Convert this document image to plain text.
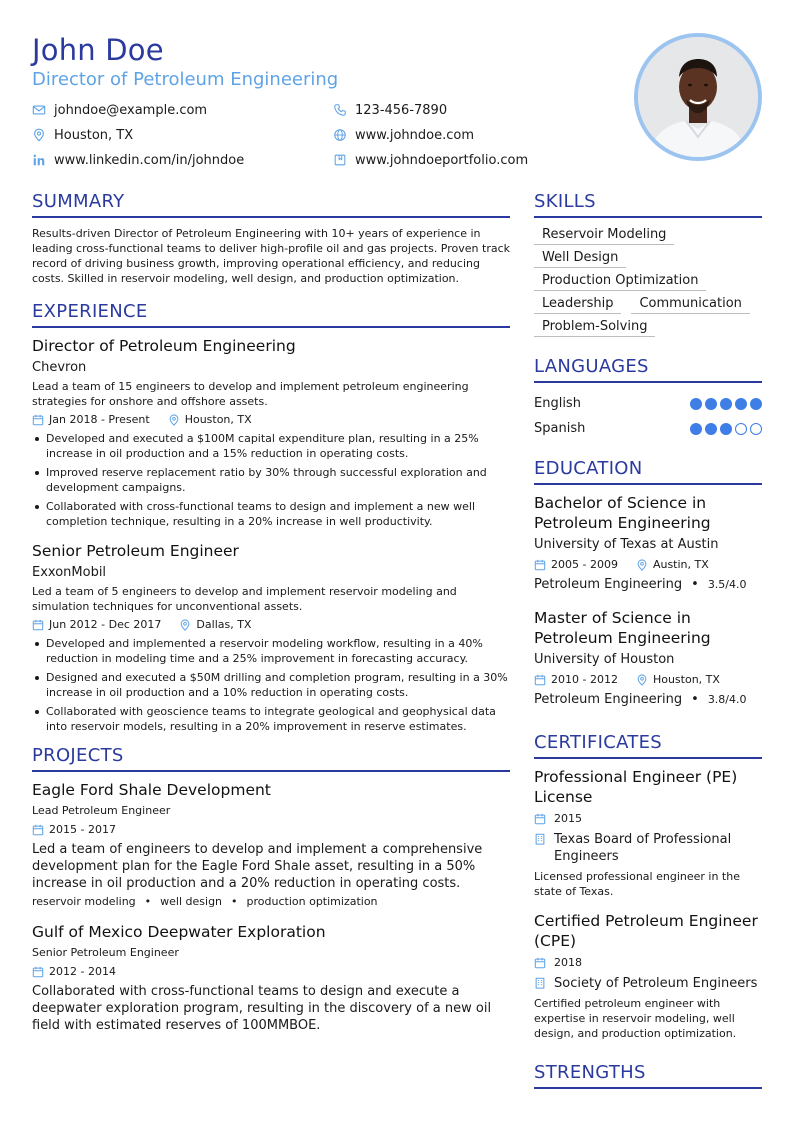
John Doe
Director of Petroleum Engineering
johndoe@example.com	123-456-7890
Houston, TX	www.johndoe.com
www.linkedin.com/in/johndoe	www.johndoeportfolio.com
SUMMARY
Results-driven Director of Petroleum Engineering with 10+ years of experience in leading cross-functional teams to deliver high-profile oil and gas projects. Proven track record of driving business growth, improving operational efficiency, and reducing costs. Skilled in reservoir modeling, well design, and production optimization.
EXPERIENCE
Director of Petroleum Engineering
Chevron
Lead a team of 15 engineers to develop and implement petroleum engineering strategies for onshore and offshore assets.
Jan 2018 - Present	Houston, TX
Developed and executed a $100M capital expenditure plan, resulting in a 25% increase in oil production and a 15% reduction in operating costs.
Improved reserve replacement ratio by 30% through successful exploration and development campaigns.
Collaborated with cross-functional teams to design and implement a new well completion technique, resulting in a 20% increase in well productivity.
Senior Petroleum Engineer
ExxonMobil
Led a team of 5 engineers to develop and implement reservoir modeling and simulation techniques for unconventional assets.
Jun 2012 - Dec 2017	Dallas, TX
Developed and implemented a reservoir modeling workflow, resulting in a 40% reduction in modeling time and a 25% improvement in forecasting accuracy.
Designed and executed a $50M drilling and completion program, resulting in a 30% increase in oil production and a 10% reduction in operating costs.
Collaborated with geoscience teams to integrate geological and geophysical data into reservoir models, resulting in a 20% improvement in reserve estimates.
PROJECTS
Eagle Ford Shale Development
Lead Petroleum Engineer
2015 - 2017
Led a team of engineers to develop and implement a comprehensive development plan for the Eagle Ford Shale asset, resulting in a 50% increase in oil production and a 20% reduction in operating costs.
reservoir modeling • well design • production optimization
Gulf of Mexico Deepwater Exploration
Senior Petroleum Engineer
2012 - 2014
Collaborated with cross-functional teams to design and execute a deepwater exploration program, resulting in the discovery of a new oil field with estimated reserves of 100MMBOE.
SKILLS
Reservoir Modeling
Well Design
Production Optimization
Leadership	Communication
Problem-Solving
LANGUAGES
English
Spanish
EDUCATION
Bachelor of Science in Petroleum Engineering
University of Texas at Austin
2005 - 2009	Austin, TX
Petroleum Engineering • 3.5/4.0
Master of Science in Petroleum Engineering
University of Houston
2010 - 2012	Houston, TX
Petroleum Engineering • 3.8/4.0
CERTIFICATES
Professional Engineer (PE) License
2015
Texas Board of Professional Engineers
Licensed professional engineer in the state of Texas.
Certified Petroleum Engineer (CPE)
2018
Society of Petroleum Engineers
Certified petroleum engineer with expertise in reservoir modeling, well design, and production optimization.
STRENGTHS
